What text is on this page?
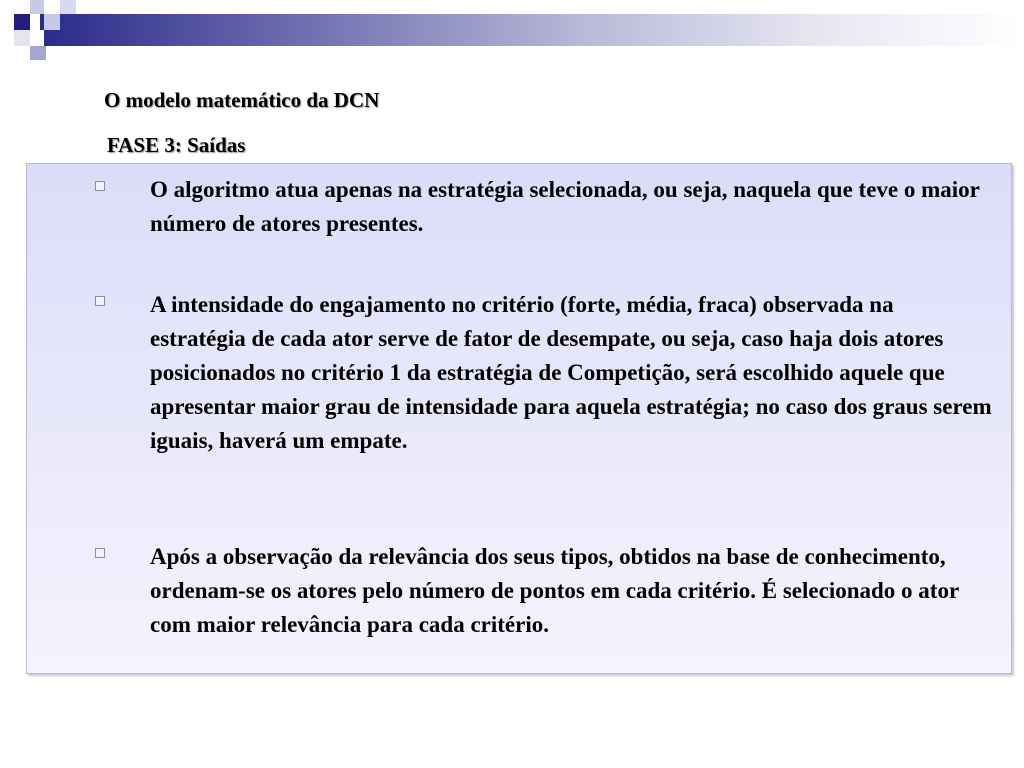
O modelo matemático da DCN
FASE 3: Saídas
O algoritmo atua apenas na estratégia selecionada, ou seja, naquela que teve o maior número de atores presentes.
A intensidade do engajamento no critério (forte, média, fraca) observada na estratégia de cada ator serve de fator de desempate, ou seja, caso haja dois atores posicionados no critério 1 da estratégia de Competição, será escolhido aquele que apresentar maior grau de intensidade para aquela estratégia; no caso dos graus serem iguais, haverá um empate.
Após a observação da relevância dos seus tipos, obtidos na base de conhecimento, ordenam-se os atores pelo número de pontos em cada critério. É selecionado o ator com maior relevância para cada critério.
